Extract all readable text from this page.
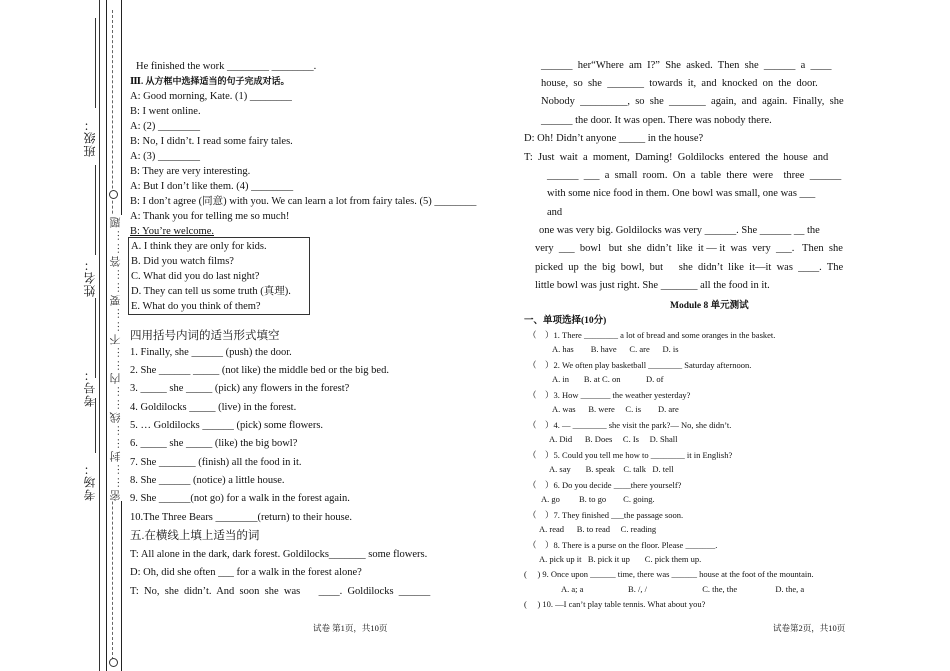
班级：
姓名：
考号：
考场： 密……封……线……内……不……要……答……题
He finished the work ________ ________.
Ⅲ. 从方框中选择适当的句子完成对话。
A: Good morning, Kate. (1) ________
B: I went online.
A: (2) ________
B: No, I didn’t. I read some fairy tales.
A: (3) ________
B: They are very interesting.
A: But I don’t like them. (4) ________
B: I don’t agree (同意) with you. We can learn a lot from fairy tales. (5) ________
A: Thank you for telling me so much!
B: You’re welcome.
A. I think they are only for kids.
B. Did you watch films?
C. What did you do last night?
D. They can tell us some truth (真理).
E. What do you think of them?
四用括号内词的适当形式填空
1. Finally, she ______ (push) the door.
2. She ______ _____ (not like) the middle bed or the big bed.
3. _____ she _____ (pick) any flowers in the forest?
4. Goldilocks _____ (live) in the forest.
5. … Goldilocks ______ (pick) some flowers.
6. _____ she _____ (like) the big bowl?
7. She _______ (finish) all the food in it.
8. She ______ (notice) a little house.
9. She ______(not go) for a walk in the forest again.
10.The Three Bears ________(return) to their house.
五.在横线上填上适当的词
T: All alone in the dark, dark forest. Goldilocks_______ some flowers.
D: Oh, did she often ___ for a walk in the forest alone?
T:  No,  she  didn’t.  And  soon  she  was       ____.  Goldilocks  ______
试卷 第1页，共10页
______  her“Where  am  I?”  She  asked.  Then  she  ______  a  ____
house,  so  she  _______  towards  it,  and  knocked  on  the  door.
Nobody  _________,  so  she  _______  again,  and  again.  Finally,  she
______ the door. It was open. There was nobody there.
D: Oh! Didn’t anyone _____ in the house?
T:  Just  wait  a  moment,  Daming!  Goldilocks  entered  the  house  and
______  ___  a  small  room.  On  a  table  there  were    three  ______
with some nice food in them. One bowl was small, one was ___
and
one was very big. Goldilocks was very ______. She ______ __ the
very  ___  bowl   but  she  didn’t  like  it — it  was  very  ___.   Then  she
picked  up  the  big  bowl,  but      she  didn’t  like  it—it  was  ____.  The
little bowl was just right. She _______ all the food in it.
Module 8 单元测试
一、单项选择(10分)
（    ）1. There ________ a lot of bread and some oranges in the basket.
A. has        B. have      C. are      D. is
（    ）2. We often play basketball ________ Saturday afternoon.
A. in       B. at C. on            D. of
（    ）3. How _______ the weather yesterday?
A. was      B. were     C. is        D. are
（    ）4. — ________ she visit the park?— No, she didn’t.
A. Did      B. Does     C. Is     D. Shall
（    ）5. Could you tell me how to ________ it in English?
A. say       B. speak    C. talk   D. tell
（    ）6. Do you decide ____there yourself?
A. go         B. to go        C. going.
（    ）7. They finished ___the passage soon.
A. read      B. to read     C. reading
（    ）8. There is a purse on the floor. Please _______.
A. pick up it   B. pick it up       C. pick them up.
(     ) 9. Once upon ______ time, there was ______ house at the foot of the mountain.
A. a; a                     B. /, /                          C. the, the                  D. the, a
(     ) 10. —I can’t play table tennis. What about you?
试卷第2页，共10页
